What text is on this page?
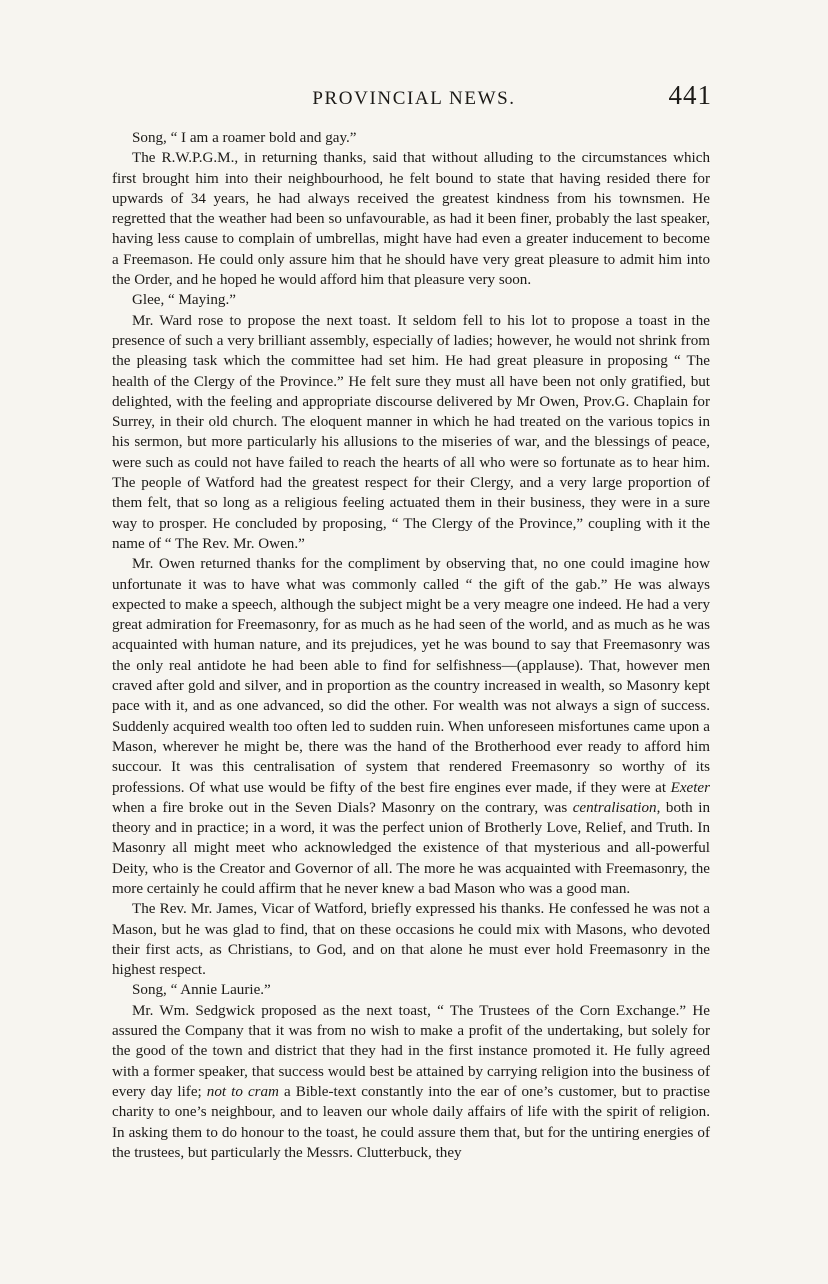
PROVINCIAL NEWS.	441

Song, “ I am a roamer bold and gay.”

The R.W.P.G.M., in returning thanks, said that without alluding to the circumstances which first brought him into their neighbourhood, he felt bound to state that having resided there for upwards of 34 years, he had always received the greatest kindness from his townsmen. He regretted that the weather had been so unfavourable, as had it been finer, probably the last speaker, having less cause to complain of umbrellas, might have had even a greater inducement to become a Freemason. He could only assure him that he should have very great pleasure to admit him into the Order, and he hoped he would afford him that pleasure very soon.

Glee, “ Maying.”

Mr. Ward rose to propose the next toast. It seldom fell to his lot to propose a toast in the presence of such a very brilliant assembly, especially of ladies; however, he would not shrink from the pleasing task which the committee had set him. He had great pleasure in proposing “ The health of the Clergy of the Province.” He felt sure they must all have been not only gratified, but delighted, with the feeling and appropriate discourse delivered by Mr Owen, Prov.G. Chaplain for Surrey, in their old church. The eloquent manner in which he had treated on the various topics in his sermon, but more particularly his allusions to the miseries of war, and the blessings of peace, were such as could not have failed to reach the hearts of all who were so fortunate as to hear him. The people of Watford had the greatest respect for their Clergy, and a very large proportion of them felt, that so long as a religious feeling actuated them in their business, they were in a sure way to prosper. He concluded by proposing, “ The Clergy of the Province,” coupling with it the name of “ The Rev. Mr. Owen.”

Mr. Owen returned thanks for the compliment by observing that, no one could imagine how unfortunate it was to have what was commonly called “ the gift of the gab.” He was always expected to make a speech, although the subject might be a very meagre one indeed. He had a very great admiration for Freemasonry, for as much as he had seen of the world, and as much as he was acquainted with human nature, and its prejudices, yet he was bound to say that Freemasonry was the only real antidote he had been able to find for selfishness—(applause). That, however men craved after gold and silver, and in proportion as the country increased in wealth, so Masonry kept pace with it, and as one advanced, so did the other. For wealth was not always a sign of success. Suddenly acquired wealth too often led to sudden ruin. When unforeseen misfortunes came upon a Mason, wherever he might be, there was the hand of the Brotherhood ever ready to afford him succour. It was this centralisation of system that rendered Freemasonry so worthy of its professions. Of what use would be fifty of the best fire engines ever made, if they were at Exeter when a fire broke out in the Seven Dials? Masonry on the contrary, was centralisation, both in theory and in practice; in a word, it was the perfect union of Brotherly Love, Relief, and Truth. In Masonry all might meet who acknowledged the existence of that mysterious and all-powerful Deity, who is the Creator and Governor of all. The more he was acquainted with Freemasonry, the more certainly he could affirm that he never knew a bad Mason who was a good man.

The Rev. Mr. James, Vicar of Watford, briefly expressed his thanks. He confessed he was not a Mason, but he was glad to find, that on these occasions he could mix with Masons, who devoted their first acts, as Christians, to God, and on that alone he must ever hold Freemasonry in the highest respect.

Song, “ Annie Laurie.”

Mr. Wm. Sedgwick proposed as the next toast, “ The Trustees of the Corn Exchange.” He assured the Company that it was from no wish to make a profit of the undertaking, but solely for the good of the town and district that they had in the first instance promoted it. He fully agreed with a former speaker, that success would best be attained by carrying religion into the business of every day life; not to cram a Bible-text constantly into the ear of one’s customer, but to practise charity to one’s neighbour, and to leaven our whole daily affairs of life with the spirit of religion. In asking them to do honour to the toast, he could assure them that, but for the untiring energies of the trustees, but particularly the Messrs. Clutterbuck, they
